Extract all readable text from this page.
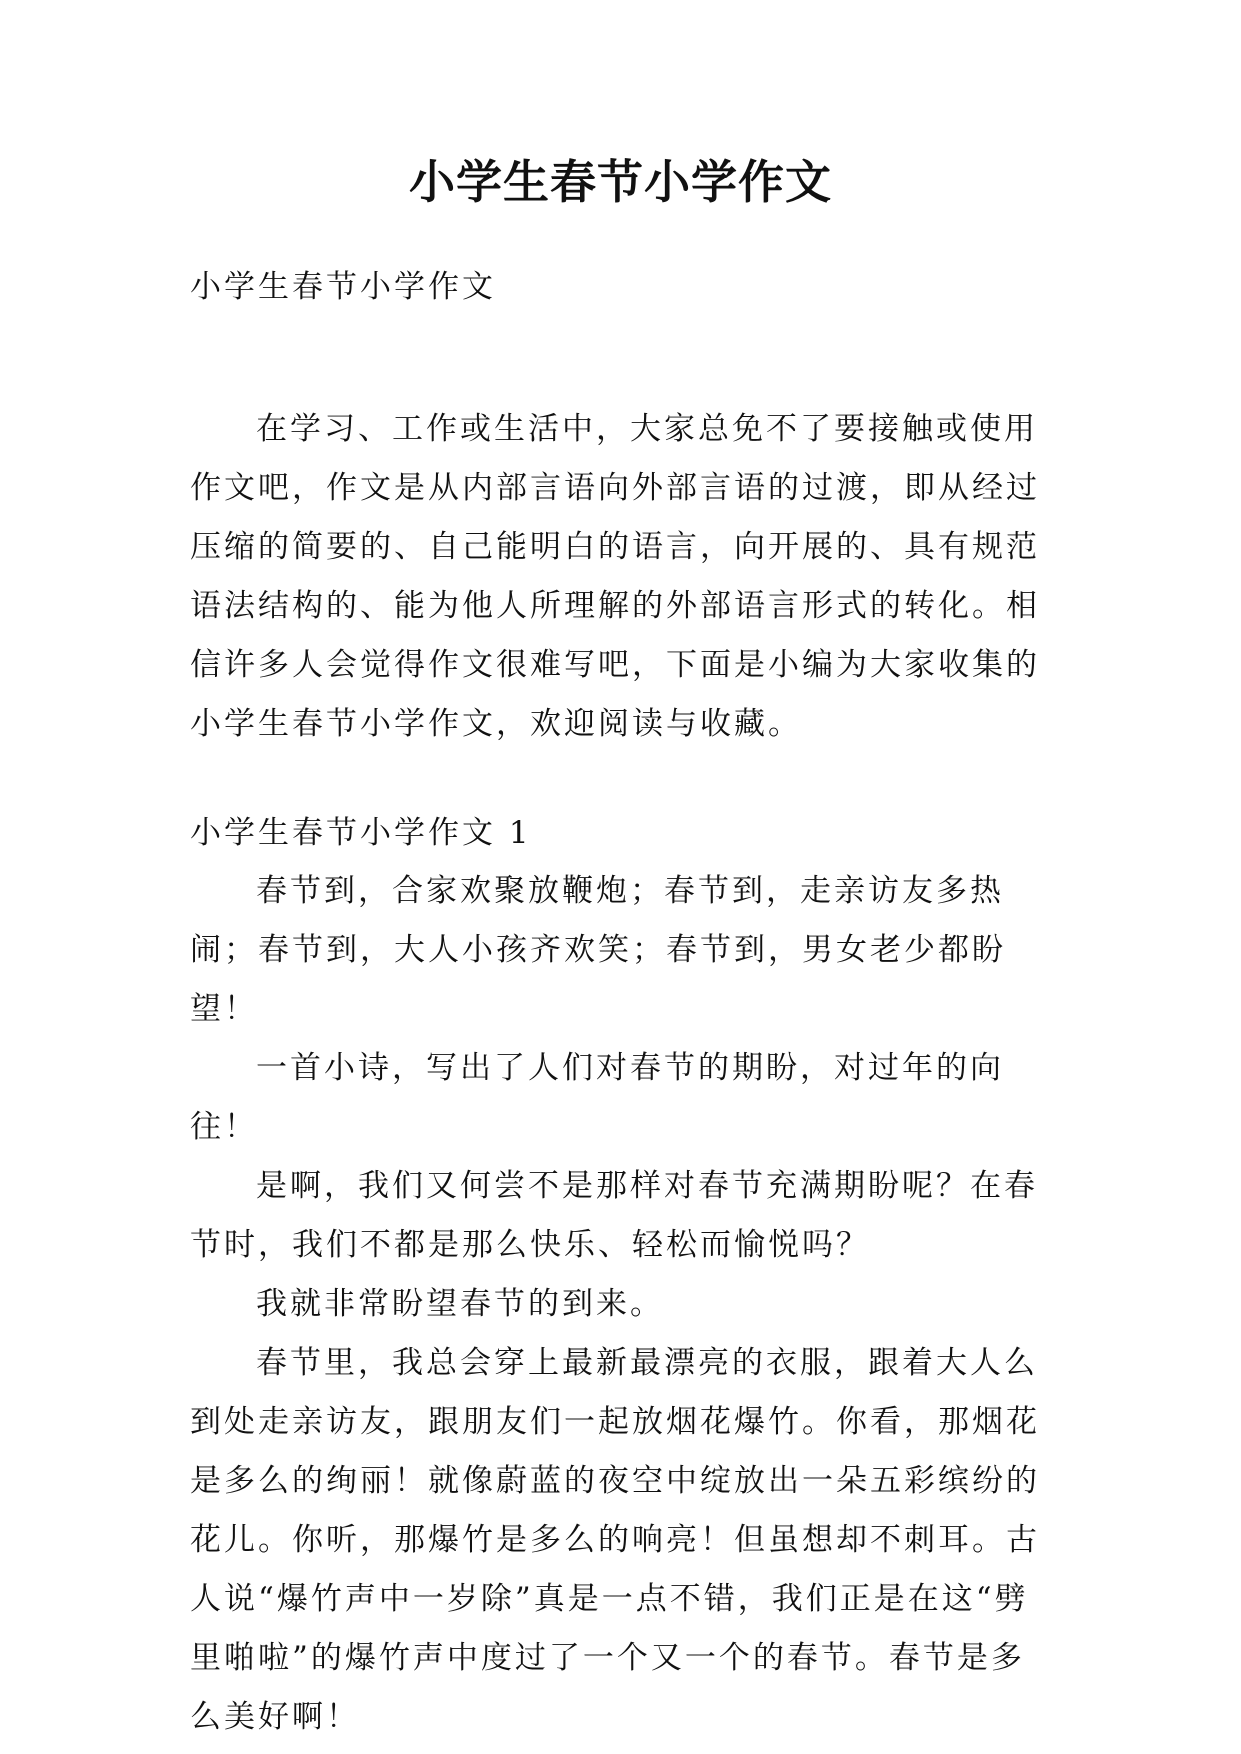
小学生春节小学作文

小学生春节小学作文

在学习、工作或生活中，大家总免不了要接触或使用作文吧，作文是从内部言语向外部言语的过渡，即从经过压缩的简要的、自己能明白的语言，向开展的、具有规范语法结构的、能为他人所理解的外部语言形式的转化。相信许多人会觉得作文很难写吧，下面是小编为大家收集的小学生春节小学作文，欢迎阅读与收藏。

小学生春节小学作文 1

春节到，合家欢聚放鞭炮；春节到，走亲访友多热闹；春节到，大人小孩齐欢笑；春节到，男女老少都盼望！

一首小诗，写出了人们对春节的期盼，对过年的向往！

是啊，我们又何尝不是那样对春节充满期盼呢？在春节时，我们不都是那么快乐、轻松而愉悦吗？

我就非常盼望春节的到来。

春节里，我总会穿上最新最漂亮的衣服，跟着大人么到处走亲访友，跟朋友们一起放烟花爆竹。你看，那烟花是多么的绚丽！就像蔚蓝的夜空中绽放出一朵五彩缤纷的花儿。你听，那爆竹是多么的响亮！但虽想却不刺耳。古人说“爆竹声中一岁除”真是一点不错，我们正是在这“劈里啪啦”的爆竹声中度过了一个又一个的春节。春节是多么美好啊！
